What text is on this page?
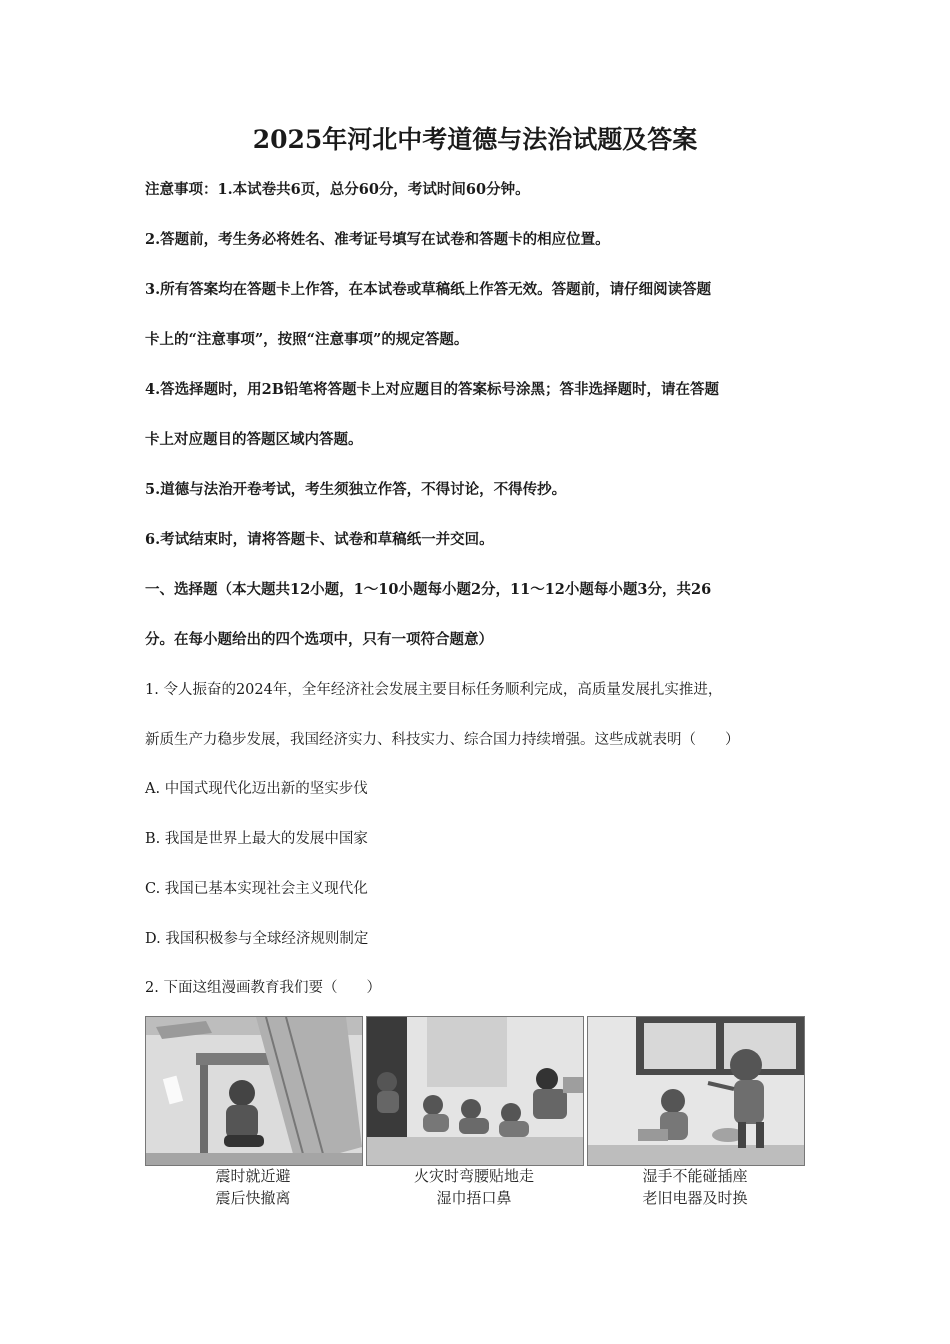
2025年河北中考道德与法治试题及答案
注意事项：1.本试卷共6页，总分60分，考试时间60分钟。
2.答题前，考生务必将姓名、准考证号填写在试卷和答题卡的相应位置。
3.所有答案均在答题卡上作答，在本试卷或草稿纸上作答无效。答题前，请仔细阅读答题
卡上的“注意事项”，按照“注意事项”的规定答题。
4.答选择题时，用2B铅笔将答题卡上对应题目的答案标号涂黑；答非选择题时，请在答题
卡上对应题目的答题区域内答题。
5.道德与法治开卷考试，考生须独立作答，不得讨论，不得传抄。
6.考试结束时，请将答题卡、试卷和草稿纸一并交回。
一、选择题（本大题共12小题，1～10小题每小题2分，11～12小题每小题3分，共26
分。在每小题给出的四个选项中，只有一项符合题意）
1. 令人振奋的2024年，全年经济社会发展主要目标任务顺利完成，高质量发展扎实推进，
新质生产力稳步发展，我国经济实力、科技实力、综合国力持续增强。这些成就表明（　　）
A. 中国式现代化迈出新的坚实步伐
B. 我国是世界上最大的发展中国家
C. 我国已基本实现社会主义现代化
D. 我国积极参与全球经济规则制定
2. 下面这组漫画教育我们要（　　）
震时就近避
震后快撤离
火灾时弯腰贴地走
湿巾捂口鼻
湿手不能碰插座
老旧电器及时换
